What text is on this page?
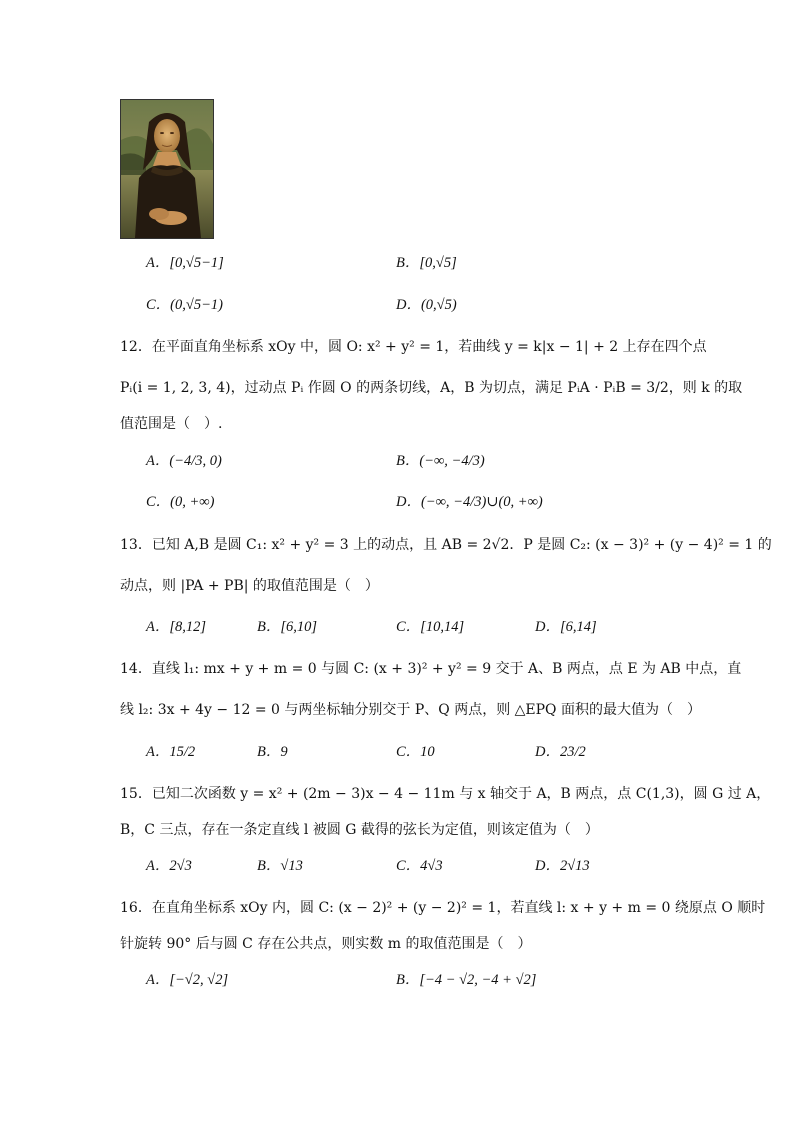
A．[0,√5−1]	B．[0,√5]
C．(0,√5−1)	D．(0,√5)
12．在平面直角坐标系 xOy 中，圆 O: x² + y² = 1，若曲线 y = k|x − 1| + 2 上存在四个点
Pᵢ(i = 1, 2, 3, 4)，过动点 Pᵢ 作圆 O 的两条切线，A，B 为切点，满足 PᵢA · PᵢB = 3/2，则 k 的取
值范围是（　）.
A．(−4/3, 0)	B．(−∞, −4/3)
C．(0, +∞)	D．(−∞, −4/3)∪(0, +∞)
13．已知 A,B 是圆 C₁: x² + y² = 3 上的动点，且 AB = 2√2．P 是圆 C₂: (x − 3)² + (y − 4)² = 1 的
动点，则 |PA + PB| 的取值范围是（　）
A．[8,12]	B．[6,10]	C．[10,14]	D．[6,14]
14．直线 l₁: mx + y + m = 0 与圆 C: (x + 3)² + y² = 9 交于 A、B 两点，点 E 为 AB 中点，直
线 l₂: 3x + 4y − 12 = 0 与两坐标轴分别交于 P、Q 两点，则 △EPQ 面积的最大值为（　）
A．15/2	B．9	C．10	D．23/2
15．已知二次函数 y = x² + (2m − 3)x − 4 − 11m 与 x 轴交于 A，B 两点，点 C(1,3)，圆 G 过 A，
B，C 三点，存在一条定直线 l 被圆 G 截得的弦长为定值，则该定值为（　）
A．2√3	B．√13	C．4√3	D．2√13
16．在直角坐标系 xOy 内，圆 C: (x − 2)² + (y − 2)² = 1，若直线 l: x + y + m = 0 绕原点 O 顺时
针旋转 90° 后与圆 C 存在公共点，则实数 m 的取值范围是（　）
A．[−√2, √2]	B．[−4 − √2, −4 + √2]
